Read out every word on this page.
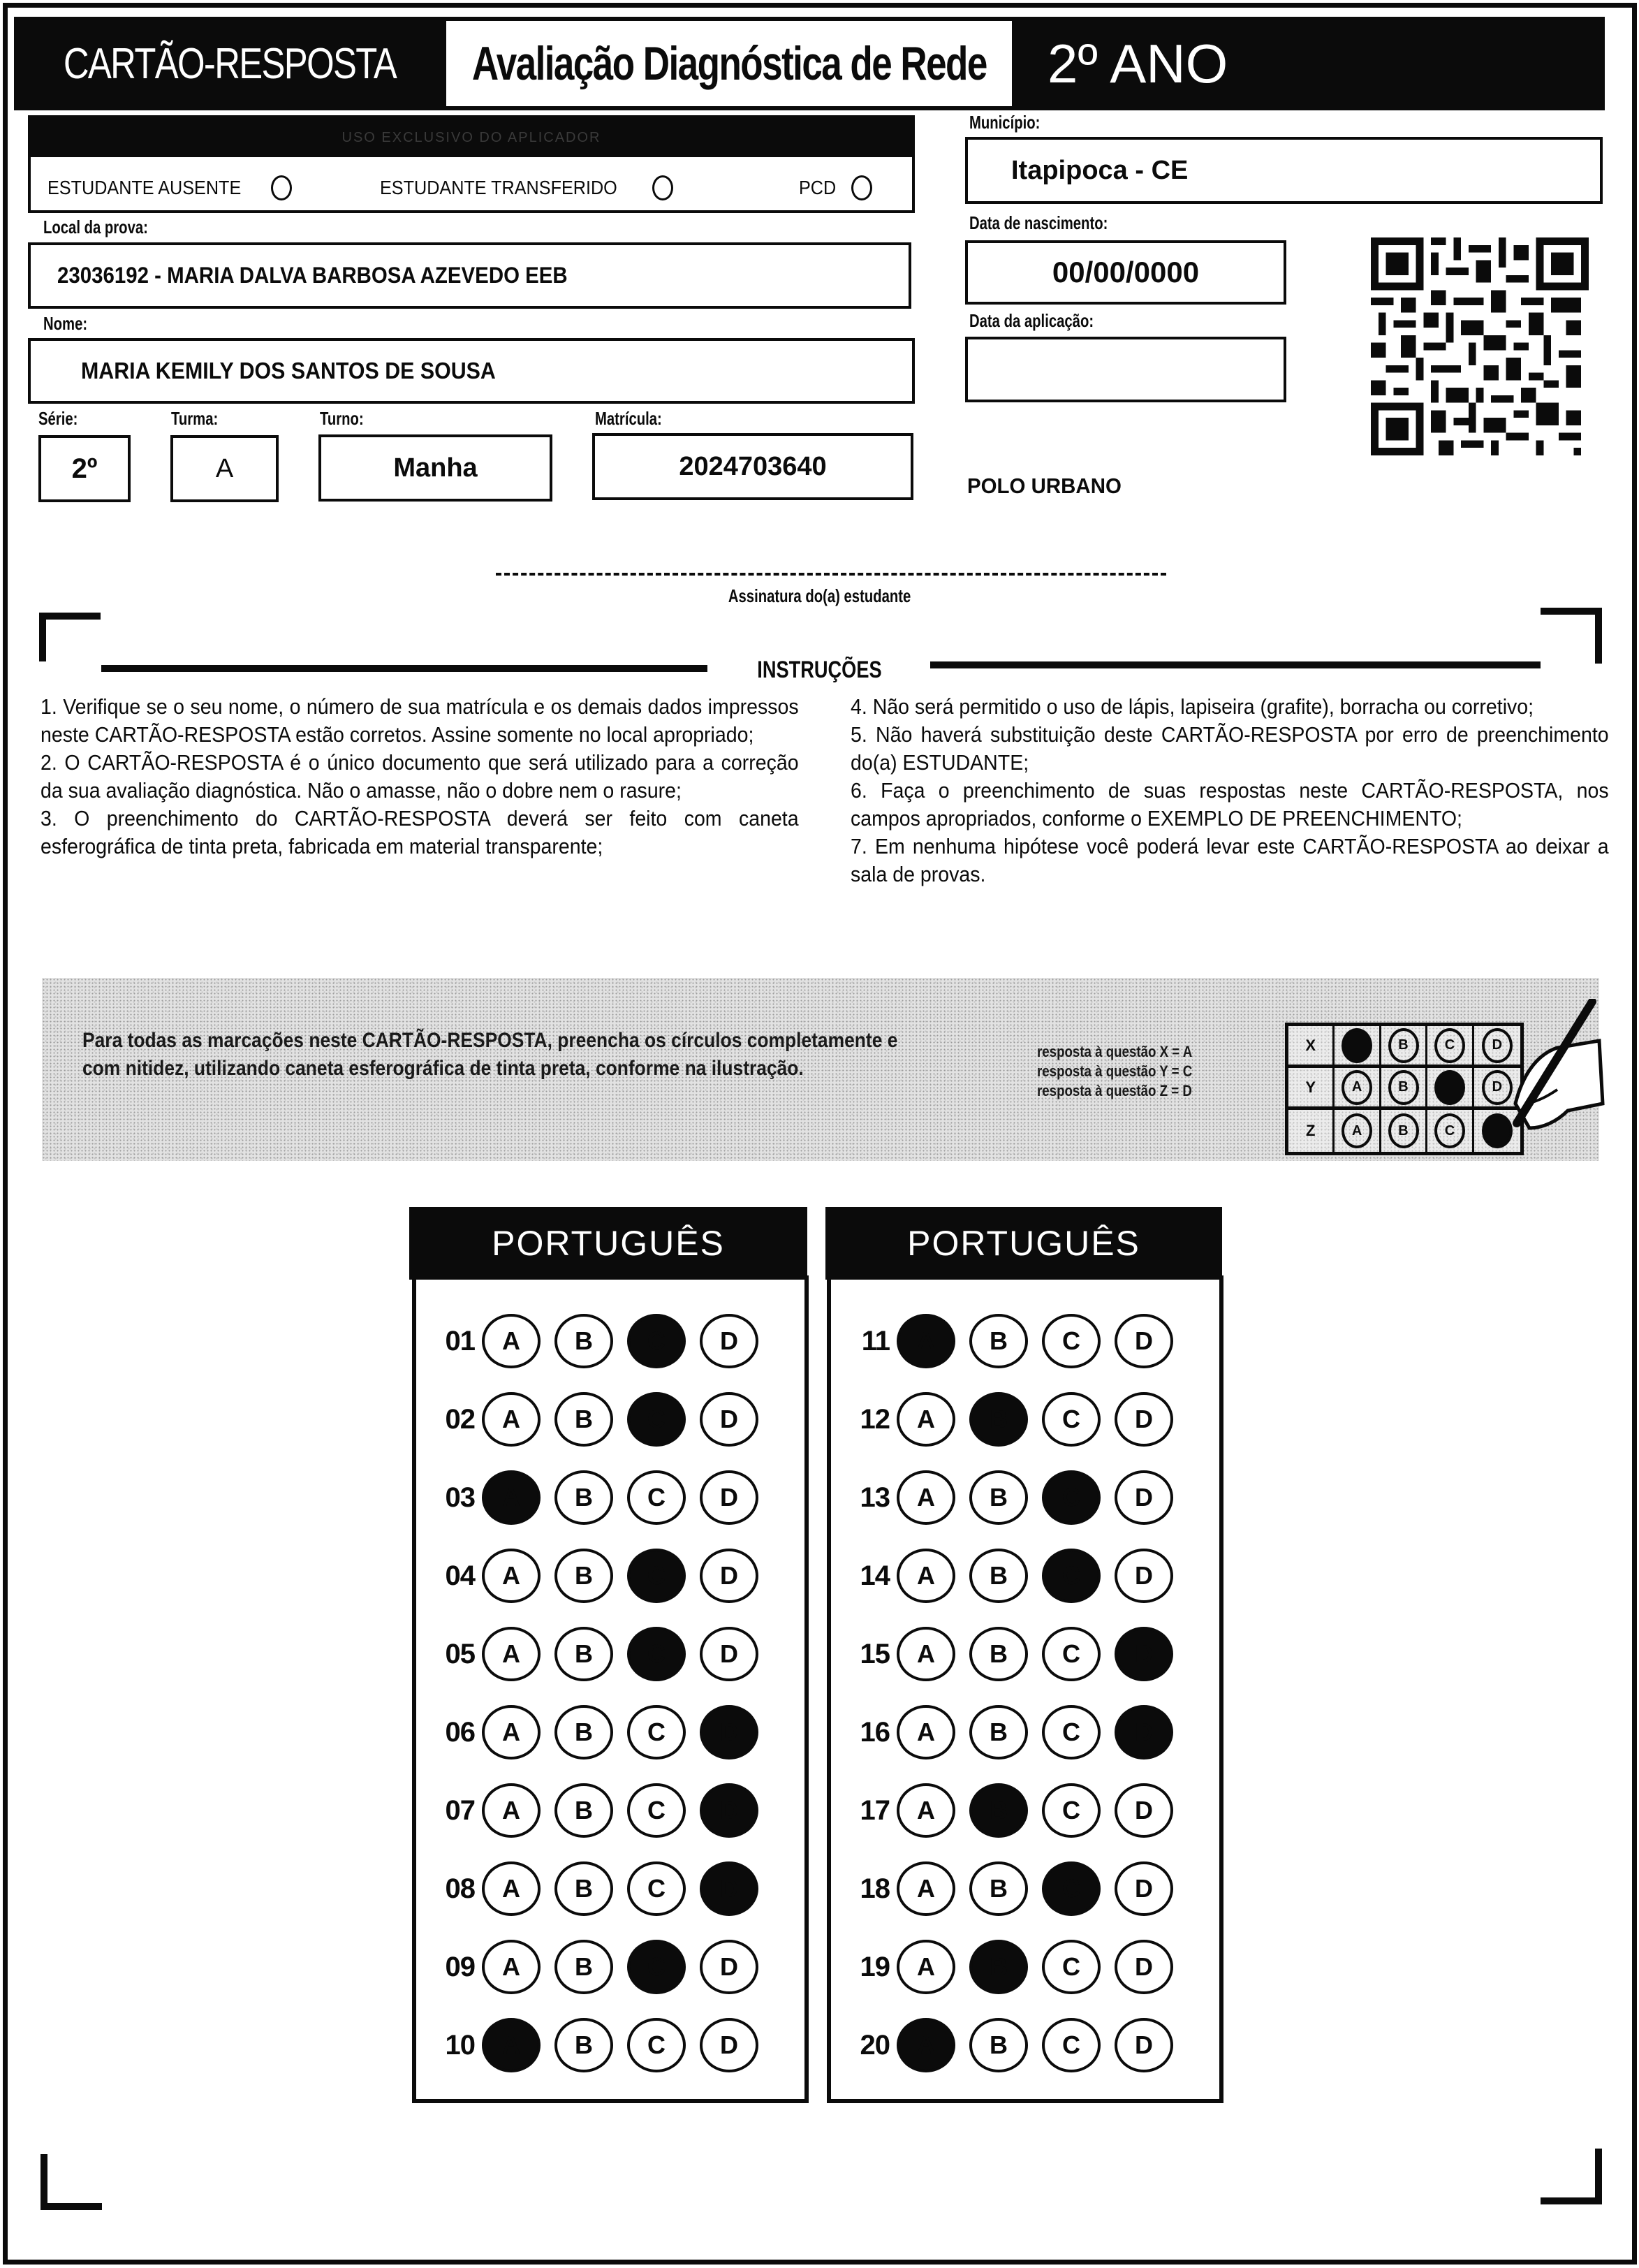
CARTÃO-RESPOSTA Avaliação Diagnóstica de Rede 2º ANO
USO EXCLUSIVO DO APLICADOR
ESTUDANTE AUSENTE	ESTUDANTE TRANSFERIDO	PCD
Local da prova:
23036192 - MARIA DALVA BARBOSA AZEVEDO EEB
Nome:
MARIA KEMILY DOS SANTOS DE SOUSA
Série:	Turma:	Turno:	Matrícula:
2º	A	Manha	2024703640
Município:
Itapipoca - CE
Data de nascimento:
00/00/0000
Data da aplicação:
POLO URBANO
Assinatura do(a) estudante
INSTRUÇÕES

1. Verifique se o seu nome, o número de sua matrícula e os demais dados impressos neste CARTÃO-RESPOSTA estão corretos. Assine somente no local apropriado;

2. O CARTÃO-RESPOSTA é o único documento que será utilizado para a correção da sua avaliação diagnóstica. Não o amasse, não o dobre nem o rasure;

3. O preenchimento do CARTÃO-RESPOSTA deverá ser feito com caneta esferográfica de tinta preta, fabricada em material transparente;

4. Não será permitido o uso de lápis, lapiseira (grafite), borracha ou corretivo;

5. Não haverá substituição deste CARTÃO-RESPOSTA por erro de preenchimento do(a) ESTUDANTE;

6. Faça o preenchimento de suas respostas neste CARTÃO-RESPOSTA, nos campos apropriados, conforme o EXEMPLO DE PREENCHIMENTO;

7. Em nenhuma hipótese você poderá levar este CARTÃO-RESPOSTA ao deixar a sala de provas.

Para todas as marcações neste CARTÃO-RESPOSTA, preencha os círculos completamente e com nitidez, utilizando caneta esferográfica de tinta preta, conforme na ilustração.
resposta à questão X = A
resposta à questão Y = C
resposta à questão Z = D
X	B	C	D
Y	A	B	D
Z	A	B	C
PORTUGUÊS	PORTUGUÊS
01	A	B	C	D
02	A	B	C	D
03	A	B	C	D
04	A	B	C	D
05	A	B	C	D
06	A	B	C	D
07	A	B	C	D
08	A	B	C	D
09	A	B	C	D
10	A	B	C	D
11	A	B	C	D
12	A	B	C	D
13	A	B	C	D
14	A	B	C	D
15	A	B	C	D
16	A	B	C	D
17	A	B	C	D
18	A	B	C	D
19	A	B	C	D
20	A	B	C	D
